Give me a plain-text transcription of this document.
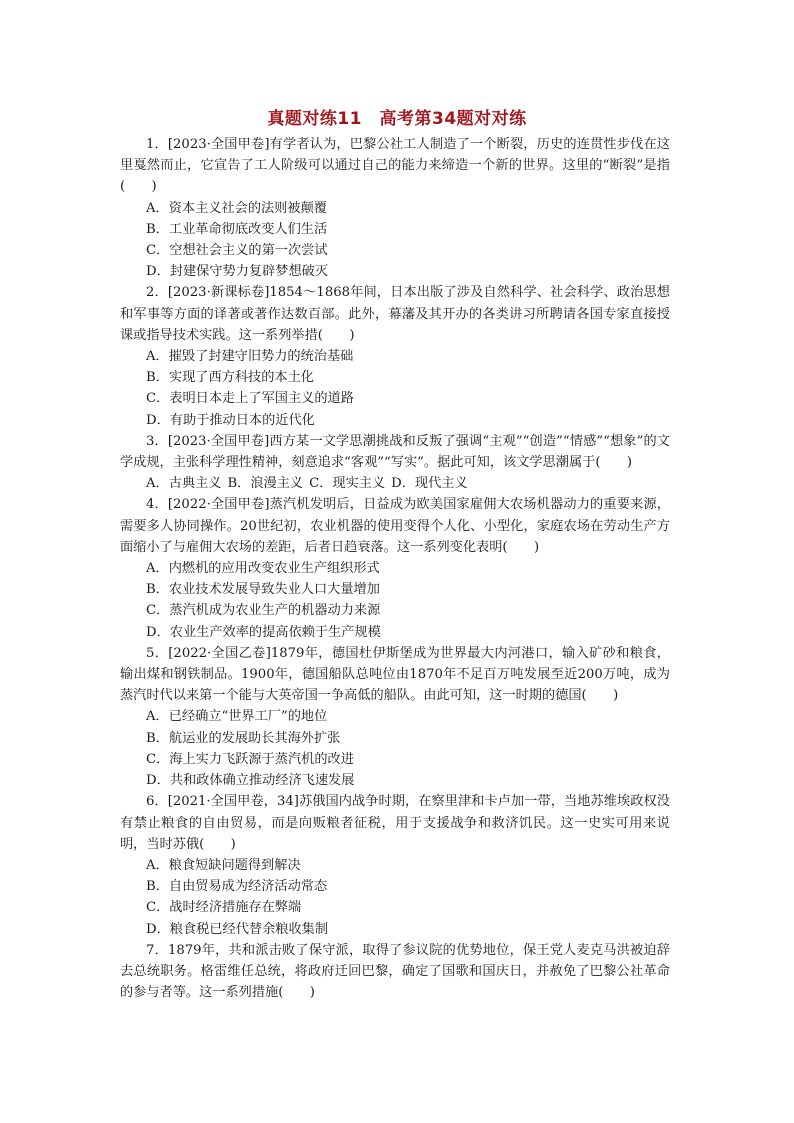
真题对练11　高考第34题对对练

1．[2023·全国甲卷]有学者认为，巴黎公社工人制造了一个断裂，历史的连贯性步伐在这里戛然而止，它宣告了工人阶级可以通过自己的能力来缔造一个新的世界。这里的“断裂”是指(　　)

A．资本主义社会的法则被颠覆

B．工业革命彻底改变人们生活

C．空想社会主义的第一次尝试

D．封建保守势力复辟梦想破灭

2．[2023·新课标卷]1854～1868年间，日本出版了涉及自然科学、社会科学、政治思想和军事等方面的译著或著作达数百部。此外，幕藩及其开办的各类讲习所聘请各国专家直接授课或指导技术实践。这一系列举措(　　)

A．摧毁了封建守旧势力的统治基础

B．实现了西方科技的本土化

C．表明日本走上了军国主义的道路

D．有助于推动日本的近代化

3．[2023·全国甲卷]西方某一文学思潮挑战和反叛了强调“主观”“创造”“情感”“想象”的文学成规，主张科学理性精神，刻意追求“客观”“写实”。据此可知，该文学思潮属于(　　)

A．古典主义 B．浪漫主义 C．现实主义 D．现代主义

4．[2022·全国甲卷]蒸汽机发明后，日益成为欧美国家雇佣大农场机器动力的重要来源，需要多人协同操作。20世纪初，农业机器的使用变得个人化、小型化，家庭农场在劳动生产方面缩小了与雇佣大农场的差距，后者日趋衰落。这一系列变化表明(　　)

A．内燃机的应用改变农业生产组织形式

B．农业技术发展导致失业人口大量增加

C．蒸汽机成为农业生产的机器动力来源

D．农业生产效率的提高依赖于生产规模

5．[2022·全国乙卷]1879年，德国杜伊斯堡成为世界最大内河港口，输入矿砂和粮食，输出煤和钢铁制品。1900年，德国船队总吨位由1870年不足百万吨发展至近200万吨，成为蒸汽时代以来第一个能与大英帝国一争高低的船队。由此可知，这一时期的德国(　　)

A．已经确立“世界工厂”的地位

B．航运业的发展助长其海外扩张

C．海上实力飞跃源于蒸汽机的改进

D．共和政体确立推动经济飞速发展

6．[2021·全国甲卷，34]苏俄国内战争时期，在察里津和卡卢加一带，当地苏维埃政权没有禁止粮食的自由贸易，而是向贩粮者征税，用于支援战争和救济饥民。这一史实可用来说明，当时苏俄(　　)

A．粮食短缺问题得到解决

B．自由贸易成为经济活动常态

C．战时经济措施存在弊端

D．粮食税已经代替余粮收集制

7．1879年，共和派击败了保守派，取得了参议院的优势地位，保王党人麦克马洪被迫辞去总统职务。格雷维任总统，将政府迁回巴黎，确定了国歌和国庆日，并赦免了巴黎公社革命的参与者等。这一系列措施(　　)
